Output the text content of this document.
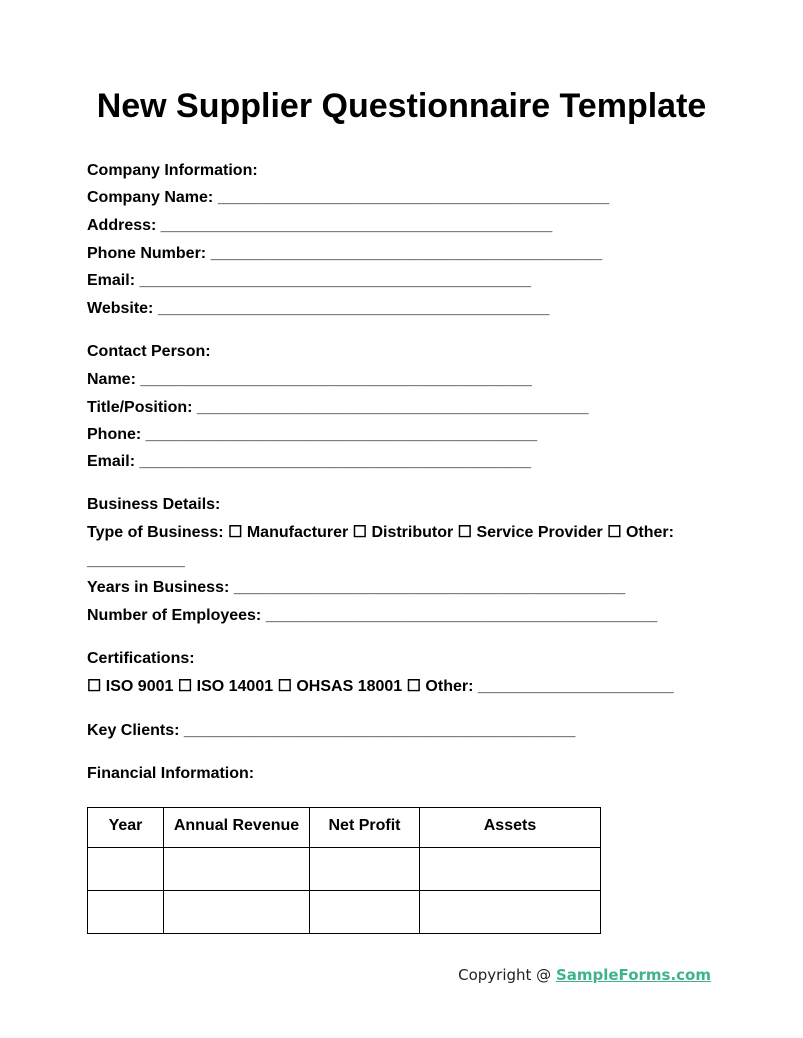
New Supplier Questionnaire Template
Company Information:
Company Name: ____________________________________________
Address: ____________________________________________
Phone Number: ____________________________________________
Email: ____________________________________________
Website: ____________________________________________
Contact Person:
Name: ____________________________________________
Title/Position: ____________________________________________
Phone: ____________________________________________
Email: ____________________________________________
Business Details:
Type of Business: ☐ Manufacturer ☐ Distributor ☐ Service Provider ☐ Other:
___________
Years in Business: ____________________________________________
Number of Employees: ____________________________________________
Certifications:
☐ ISO 9001 ☐ ISO 14001 ☐ OHSAS 18001 ☐ Other: ______________________
Key Clients: ____________________________________________
Financial Information:
Year	Annual Revenue	Net Profit	Assets

Copyright @ SampleForms.com
